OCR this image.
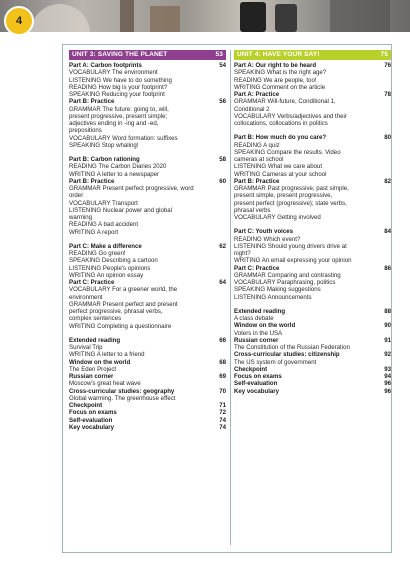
4
UNIT 3: SAVING THE PLANET	53
Part A: Carbon footprints	54
VOCABULARY The environment
LISTENING We have to do something
READING How big is your footprint?
SPEAKING Reducing your footprint
Part B: Practice	56
GRAMMAR The future: going to, will,
present progressive, present simple;
adjectives ending in -ing and -ed,
prepositions
VOCABULARY Word formation: suffixes
SPEAKING Stop whaling!
Part B: Carbon rationing	58
READING The Carbon Diaries 2020
WRITING A letter to a newspaper
Part B: Practice	60
GRAMMAR Present perfect progressive, word
order
VOCABULARY Transport
LISTENING Nuclear power and global
warming
READING A bad accident
WRITING A report
Part C: Make a difference	62
READING Go green!
SPEAKING Describing a cartoon
LISTENING People's opinions
WRITING An opinion essay
Part C: Practice	64
VOCABULARY For a greener world, the
environment
GRAMMAR Present perfect and present
perfect progressive, phrasal verbs,
complex sentences
WRITING Completing a questionnaire
Extended reading	66
Survival Trip
WRITING A letter to a friend
Window on the world	68
The Eden Project
Russian corner	69
Moscow's great heat wave
Cross-curricular studies: geography	70
Global warming. The greenhouse effect
Checkpoint	71
Focus on exams	72
Self-evaluation	74
Key vocabulary	74
UNIT 4: HAVE YOUR SAY!	75
Part A: Our right to be heard	76
SPEAKING What is the right age?
READING We are people, too!
WRITING Comment on the article
Part A: Practice	78
GRAMMAR Will-future, Conditional 1,
Conditional 2
VOCABULARY Verbs/adjectives and their
collocations, collocations in politics
Part B: How much do you care?	80
READING A quiz
SPEAKING Compare the results. Video
cameras at school
LISTENING What we care about
WRITING Cameras at your school
Part B: Practice	82
GRAMMAR Past progressive, past simple,
present simple, present progressive,
present perfect (progressive); state verbs,
phrasal verbs
VOCABULARY Getting involved
Part C: Youth voices	84
READING Which event?
LISTENING Should young drivers drive at
night?
WRITING An email expressing your opinion
Part C: Practice	86
GRAMMAR Comparing and contrasting
VOCABULARY Paraphrasing, politics
SPEAKING Making suggestions
LISTENING Announcements
Extended reading	88
A class debate
Window on the world	90
Voters in the USA
Russian corner	91
The Constitution of the Russian Federation
Cross-curricular studies: citizenship	92
The US system of government
Checkpoint	93
Focus on exams	94
Self-evaluation	96
Key vocabulary	96
